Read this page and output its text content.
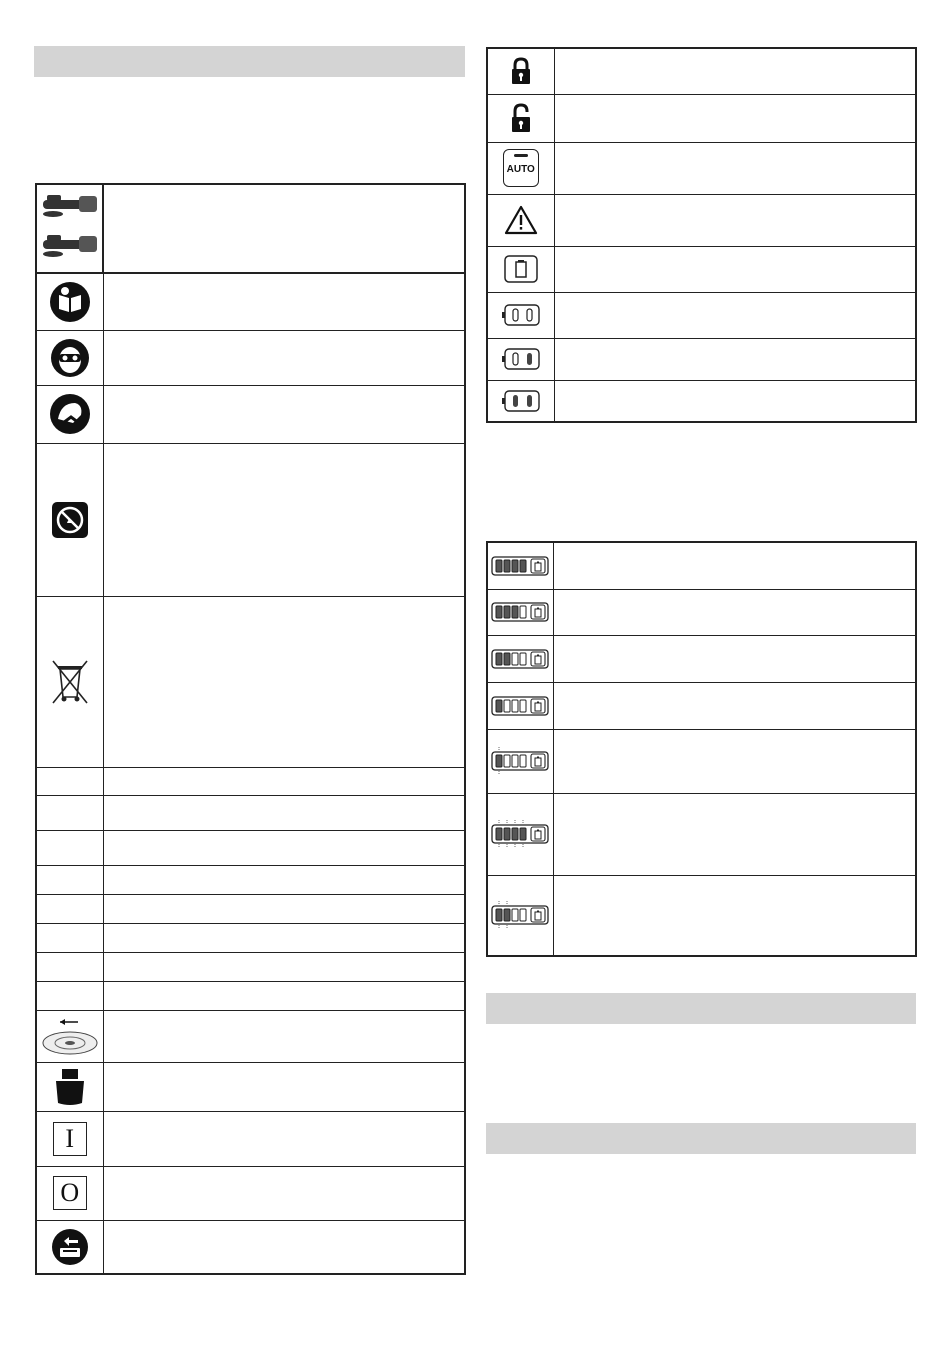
I	

O	

AUTO	
